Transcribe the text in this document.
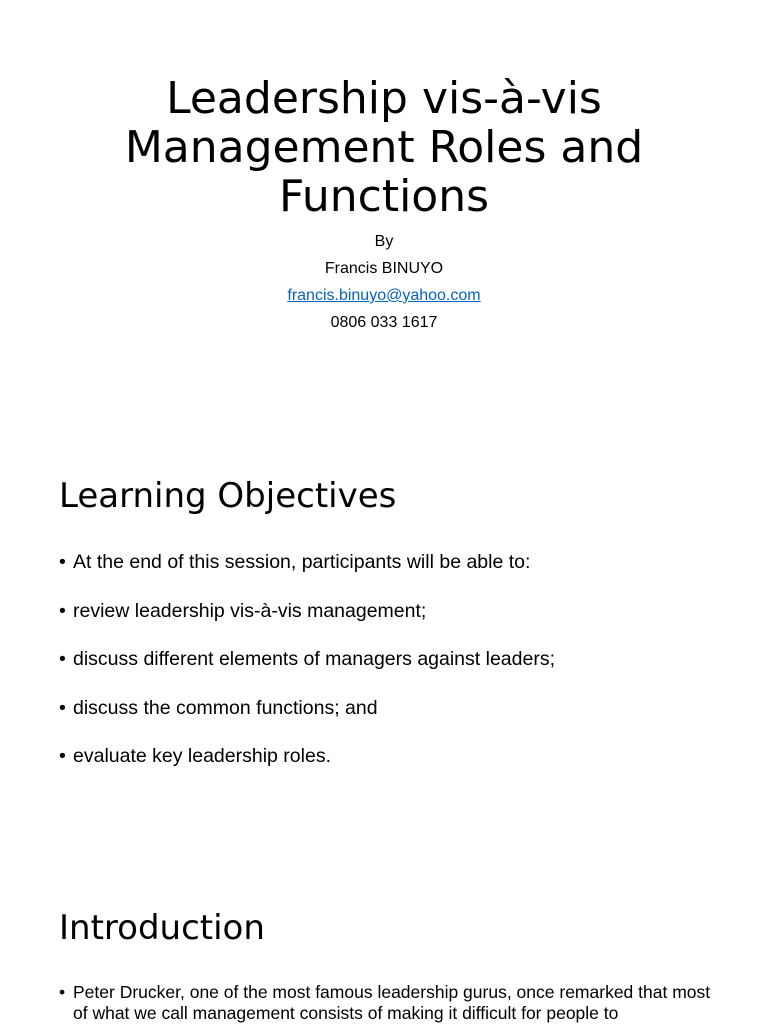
Leadership vis-à-vis Management Roles and Functions
By
Francis BINUYO
francis.binuyo@yahoo.com
0806 033 1617
Learning Objectives
• At the end of this session, participants will be able to:
• review leadership vis-à-vis management;
• discuss different elements of managers against leaders;
• discuss the common functions; and
• evaluate key leadership roles.
Introduction
• Peter Drucker, one of the most famous leadership gurus, once remarked that most of what we call management consists of making it difficult for people to
